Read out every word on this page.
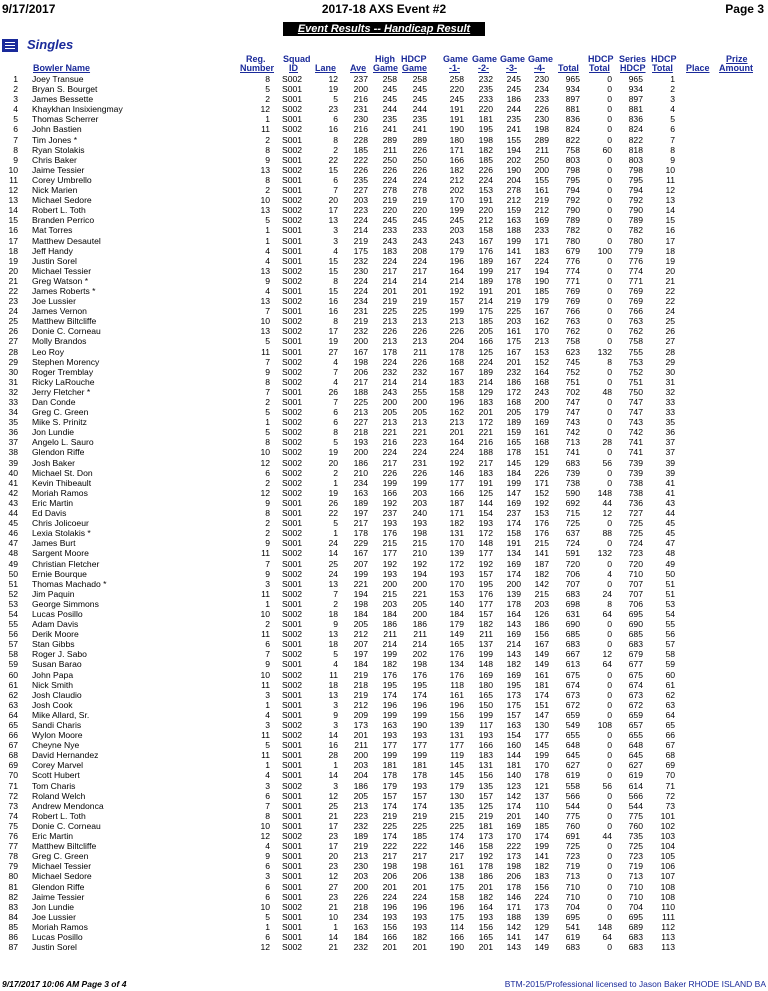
9/17/2017	2017-18 AXS Event #2	Page 3
Event Results -- Handicap Result
Singles
Reg.
Number
Squad
ID
Bowler Name	Lane Ave
High
Game
HDCP
Game
Game
-1-
Game
-2-
Game
-3-
Game
-4- Total
HDCP
Total
Series
HDCP
HDCP
Total Place
Prize
Amount
1 Joey Transue	8 S002	12	237	258	258	258	232	245	230	965	0	965	1
2 Bryan S. Bourget	5 S001	19	200	245	245	220	235	245	234	934	0	934	2
3 James Bessette	2 S001	5	216	245	245	245	233	186	233	897	0	897	3
4 Khaykhan Insixiengmay	12 S002	23	231	244	244	191	220	244	226	881	0	881	4
5 Thomas Scherrer	1 S001	6	230	235	235	191	181	235	230	836	0	836	5
6 John Bastien	11 S002	16	216	241	241	190	195	241	198	824	0	824	6
7 Tim Jones *	2 S001	8	228	289	289	180	198	155	289	822	0	822	7
8 Ryan Stolakis	8 S002	2	185	211	226	171	182	194	211	758	60	818	8
9 Chris Baker	9 S001	22	222	250	250	166	185	202	250	803	0	803	9
10 Jaime Tessier	13 S002	15	226	226	226	182	226	190	200	798	0	798	10
11 Corey Umbrello	8 S001	6	235	224	224	212	224	204	155	795	0	795	11
12 Nick Marien	2 S001	7	227	278	278	202	153	278	161	794	0	794	12
13 Michael Sedore	10 S002	20	203	219	219	170	191	212	219	792	0	792	13
14 Robert L. Toth	13 S002	17	223	220	220	199	220	159	212	790	0	790	14
15 Branden Perrico	5 S002	13	224	245	245	245	212	163	169	789	0	789	15
16 Mat Torres	1 S001	3	214	233	233	203	158	188	233	782	0	782	16
17 Matthew Desautel	1 S001	3	219	243	243	243	167	199	171	780	0	780	17
18 Jeff Handy	4 S001	4	175	183	208	179	176	141	183	679	100	779	18
19 Justin Sorel	4 S001	15	232	224	224	196	189	167	224	776	0	776	19
20 Michael Tessier	13 S002	15	230	217	217	164	199	217	194	774	0	774	20
21 Greg Watson *	9 S002	8	224	214	214	214	189	178	190	771	0	771	21
22 James Roberts *	4 S001	15	224	201	201	192	191	201	185	769	0	769	22
23 Joe Lussier	13 S002	16	234	219	219	157	214	219	179	769	0	769	22
24 James Vernon	7 S001	16	231	225	225	199	175	225	167	766	0	766	24
25 Matthew Biltcliffe	10 S002	8	219	213	213	213	185	203	162	763	0	763	25
26 Donie C. Corneau	13 S002	17	232	226	226	226	205	161	170	762	0	762	26
27 Molly Brandos	5 S001	19	200	213	213	204	166	175	213	758	0	758	27
28 Leo Roy	11 S001	27	167	178	211	178	125	167	153	623	132	755	28
29 Stephen Morency	7 S002	4	198	224	226	168	224	201	152	745	8	753	29
30 Roger Tremblay	9 S002	7	206	232	232	167	189	232	164	752	0	752	30
31 Ricky LaRouche	8 S002	4	217	214	214	183	214	186	168	751	0	751	31
32 Jerry Fletcher *	7 S001	26	188	243	255	158	129	172	243	702	48	750	32
33 Dan Conde	2 S001	7	225	200	200	196	183	168	200	747	0	747	33
34 Greg C. Green	5 S002	6	213	205	205	162	201	205	179	747	0	747	33
35 Mike S. Prinitz	1 S002	6	227	213	213	213	172	189	169	743	0	743	35
36 Jon Lundie	5 S002	8	218	221	221	201	221	159	161	742	0	742	36
37 Angelo L. Sauro	8 S002	5	193	216	223	164	216	165	168	713	28	741	37
38 Glendon Riffe	10 S002	19	200	224	224	224	188	178	151	741	0	741	37
39 Josh Baker	12 S002	20	186	217	231	192	217	145	129	683	56	739	39
40 Michael St. Don	6 S002	2	210	226	226	146	183	184	226	739	0	739	39
41 Kevin Thibeault	2 S002	1	234	199	199	177	191	199	171	738	0	738	41
42 Moriah Ramos	12 S002	19	163	166	203	166	125	147	152	590	148	738	41
43 Eric Martin	9 S001	26	189	192	203	187	144	169	192	692	44	736	43
44 Ed Davis	8 S001	22	197	237	240	171	154	237	153	715	12	727	44
45 Chris Jolicoeur	2 S001	5	217	193	193	182	193	174	176	725	0	725	45
46 Lexia Stolakis *	2 S002	1	178	176	198	131	172	158	176	637	88	725	45
47 James Burt	9 S001	24	229	215	215	170	148	191	215	724	0	724	47
48 Sargent Moore	11 S002	14	167	177	210	139	177	134	141	591	132	723	48
49 Christian Fletcher	7 S001	25	207	192	192	172	192	169	187	720	0	720	49
50 Ernie Bourque	9 S002	24	199	193	194	193	157	174	182	706	4	710	50
51 Thomas Machado *	3 S001	13	221	200	200	170	195	200	142	707	0	707	51
52 Jim Paquin	11 S002	7	194	215	221	153	176	139	215	683	24	707	51
53 George Simmons	1 S001	2	198	203	205	140	177	178	203	698	8	706	53
54 Lucas Posillo	10 S002	18	184	184	200	184	157	164	126	631	64	695	54
55 Adam Davis	2 S001	9	205	186	186	179	182	143	186	690	0	690	55
56 Derik Moore	11 S002	13	212	211	211	149	211	169	156	685	0	685	56
57 Stan Gibbs	6 S001	18	207	214	214	165	137	214	167	683	0	683	57
58 Roger J. Sabo	7 S002	5	197	199	202	176	199	143	149	667	12	679	58
59 Susan Barao	9 S001	4	184	182	198	134	148	182	149	613	64	677	59
60 John Papa	10 S002	11	219	176	176	176	169	169	161	675	0	675	60
61 Nick Smith	11 S002	18	218	195	195	118	180	195	181	674	0	674	61
62 Josh Claudio	3 S001	13	219	174	174	161	165	173	174	673	0	673	62
63 Josh Cook	1 S001	3	212	196	196	196	150	175	151	672	0	672	63
64 Mike Allard, Sr.	4 S001	9	209	199	199	156	199	157	147	659	0	659	64
65 Sandi Charis	3 S002	3	173	163	190	139	117	163	130	549	108	657	65
66 Wylon Moore	11 S002	14	201	193	193	131	193	154	177	655	0	655	66
67 Cheyne Nye	5 S001	16	211	177	177	177	166	160	145	648	0	648	67
68 David Hernandez	11 S001	28	200	199	199	119	183	144	199	645	0	645	68
69 Corey Marvel	1 S001	1	203	181	181	145	131	181	170	627	0	627	69
70 Scott Hubert	4 S001	14	204	178	178	145	156	140	178	619	0	619	70
71 Tom Charis	3 S002	3	186	179	193	179	135	123	121	558	56	614	71
72 Roland Welch	6 S001	12	205	157	157	130	157	142	137	566	0	566	72
73 Andrew Mendonca	7 S001	25	213	174	174	135	125	174	110	544	0	544	73
74 Robert L. Toth	8 S001	21	223	219	219	215	219	201	140	775	0	775	101
75 Donie C. Corneau	10 S001	17	232	225	225	225	181	169	185	760	0	760	102
76 Eric Martin	12 S002	23	189	174	185	174	173	170	174	691	44	735	103
77 Matthew Biltcliffe	4 S001	17	219	222	222	146	158	222	199	725	0	725	104
78 Greg C. Green	9 S001	20	213	217	217	217	192	173	141	723	0	723	105
79 Michael Tessier	6 S001	23	230	198	198	161	178	198	182	719	0	719	106
80 Michael Sedore	3 S001	12	203	206	206	138	186	206	183	713	0	713	107
81 Glendon Riffe	6 S001	27	200	201	201	175	201	178	156	710	0	710	108
82 Jaime Tessier	6 S001	23	226	224	224	158	182	146	224	710	0	710	108
83 Jon Lundie	10 S002	21	218	196	196	196	164	171	173	704	0	704	110
84 Joe Lussier	5 S001	10	234	193	193	175	193	188	139	695	0	695	111
85 Moriah Ramos	1 S001	1	163	156	193	114	156	142	129	541	148	689	112
86 Lucas Posillo	6 S001	14	184	166	182	166	165	141	147	619	64	683	113
87 Justin Sorel	12 S002	21	232	201	201	190	201	143	149	683	0	683	113
9/17/2017 10:06 AM Page 3 of 4	BTM-2015/Professional licensed to Jason Baker RHODE ISLAND BA
